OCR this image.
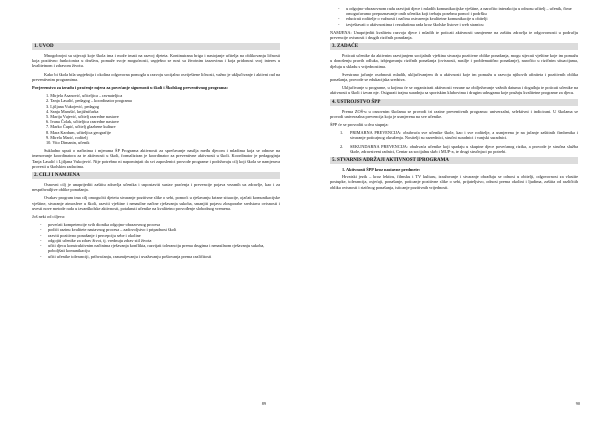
1. UVOD

Mnogobrojni su utjecaji koje škola ima i može imati na razvoj djeteta. Kontinuirana briga i nastojanje učitelja na oblikovanju ličnosti koja pozitivno funkcionira u društvu, pomaže svoje mogućnosti, uspješno se nosi sa životnim izazovima i koja pridonosi svoj interes u kvalitetnom i zdravom životu.

Kako bi škola bila uspješnija i okolina odgovorna pomogla u razvoju socijalno osviještene ličnosti, važno je uključivanje i aktivni rad na preventivnim programima.

Povjerenstvo za izradu i praćenje mjera za povećanje sigurnosti u školi i Školskog preventivnog programa:

1. Mirjela Asanović, učiteljica – ravnateljica
2. Tanja Lasalić, pedagog – koordinator programa
3. Ljiljana Vukojević, pedagog
4. Sanja Marušić, knjižničarka
5. Marija Vujević, učitelj razredne nastave
6. Ivana Čolak, učiteljica razredne nastave
7. Marko Čupić, učitelj glazbene kulture
8. Mara Kardum, učiteljica geografije
9. Mirela Marić, roditelj
10. Vito Dimanin, učenik

Sukladno uputi o načinima i mjerama ŠP Programa aktivnosti za sprečavanje nasilja među djecom i mladima koja se odnose na imenovanje koordinatora za te aktivnosti u školi, formaliziran je koordinator za preventivne aktivnosti u školi. Koordinator je pedagoginja Tanja Lasalić i Ljiljana Vukojević. Nije potrebno ni napominjati da svi zaposlenici provode programe i podržavaju cilj koji škola se namjerava provesti u školskim zadacima.

2. CILJ I NAMJENA

Osnovni cilj je unaprijediti zaštitu zdravlja učenika i uspostaviti sustav praćenja i prevencije pojava vezanih uz zdravlje, kao i za nesprihvatljive oblike ponašanja.

Ovakav program ima cilj omogućiti djetetu stvaranje pozitivne slike o sebi, pomoći u rješavanju krizne situacije, ojačati komunikacijske vještine, stvaranje atmosfere u školi, razviti vještine i nenasilne načine rješavanja sukoba, smanjiti pojavu zlouporabe sredstava ovisnosti i uvesti nove metode rada u izvanškolske aktivnosti, potaknuti učenike na kvalitetno provođenje slobodnog vremena.

Još neki od ciljeva:

- povećati kompetencije svih dionika odgojno-obrazovnog procesa
- podići razinu kvalitete nastavnog procesa – zadovoljstvo i pripadnost školi
- razviti pozitivno ponašanje i percepciju sebe i okoline
- odgojiti učenike za zdrav život, tj. vrednuju zdrav stil života
- učiti djecu konstruktivnim načinima rješavanja konflikta, razvijati toleranciju prema drugima i nenasilnom rješavanju sukoba, poboljšati komunikaciju
- učiti učenike toleranciji, prihvaćanju, razumijevanju i uvažavanju poštovanja prema različitosti
89
- u odgojno-obrazovnom radu razvijati djece i mladih komunikacijske vještine, a naročito interakciju u odnosu učitelj – učenik, čime omogućavamo prepoznavanje onih učenika koji trebaju posebnu pomoć i podršku
- educirati roditelje o važnosti i načinu ostvarenja kvalitetne komunikacije u obitelji
- izvještavati o aktivnostima i rezultatima rada kroz školske listove i web stranicu

NAMJENA: Unaprijediti kvalitetu razvoja djece i mladih te poticati aktivnosti usmjerene na zaštitu zdravlja te odgovornosti u području prevencije ovisnosti i drugih rizičnih ponašanja.

3. ZADAĆE

Poticati učenike da aktivnim razvijanjem socijalnih vještina stvaraju pozitivne oblike ponašanja, mogu stjecati vještine koje im pomažu u donošenju pravih odluka, izbjegavanju rizičnih ponašanja (ovisnosti, nasilje i problematično ponašanje), naročito u rizičnim situacijama, djeluju u skladu s vrijednostima.

Svestrano jačanje osobnosti mladih, uključivanjem ih u aktivnosti koje im pomažu u razvoju njihovih afiniteta i pozitivnih oblika ponašanja, provode se edukacijska sredstva.

Uključivanje u programe, u kojima će se organizirati aktivnosti vezane uz obilježavanje važnih datuma i događaja te poticati učenike na aktivnosti u školi i izvan nje. Osigurati trajnu suradnju sa sportskim klubovima i drugim udrugama koje pružaju kvalitetne programe za djecu.

4. USTROJSTVO ŠPP

Prema ZOŠ-u u osnovnim školama se provodi tri razine preventivnih programa: univerzalni, selektivni i indicirani. U školama se provodi univerzalna prevencija koja je usmjerena na sve učenike.

ŠPP će se provoditi u dva stupnja:

1. PRIMARNA PREVENCIJA: obuhvaća sve učenike škole, kao i sve roditelje, a usmjerena je na jačanje zaštitnih čimbenika i stvaranje poticajnog okruženja. Nositelji su razrednici, stručni suradnici i vanjski suradnici.
2. SEKUNDARNA PREVENCIJA: obuhvaća učenike koji spadaju u skupine djece povećanog rizika, a provode je stručna služba škole, zdravstveni radnici, Centar za socijalnu skrb i MUP-a, te drugi stručnjaci po potrebi.
5. STVARNIS ADRŽAJI AKTIVNOST IPROGRAMA

1. Aktivnosti ŠPP kroz nastavne predmete:

Hrvatski jezik – kroz lektiru, filmsku i TV kulturu, izražavanje i stvaranje obrađuju se odnosi u obitelji, odgovornost za vlastite postupke, tolerancija, osjećaji, ponašanje, poticanje pozitivne slike o sebi, prijateljstvo, odnosi prema okolini i ljudima, zaštita od različitih oblika ovisnosti i rizičnog ponašanja, isticanje pozitivnih vrijednosti.

90
